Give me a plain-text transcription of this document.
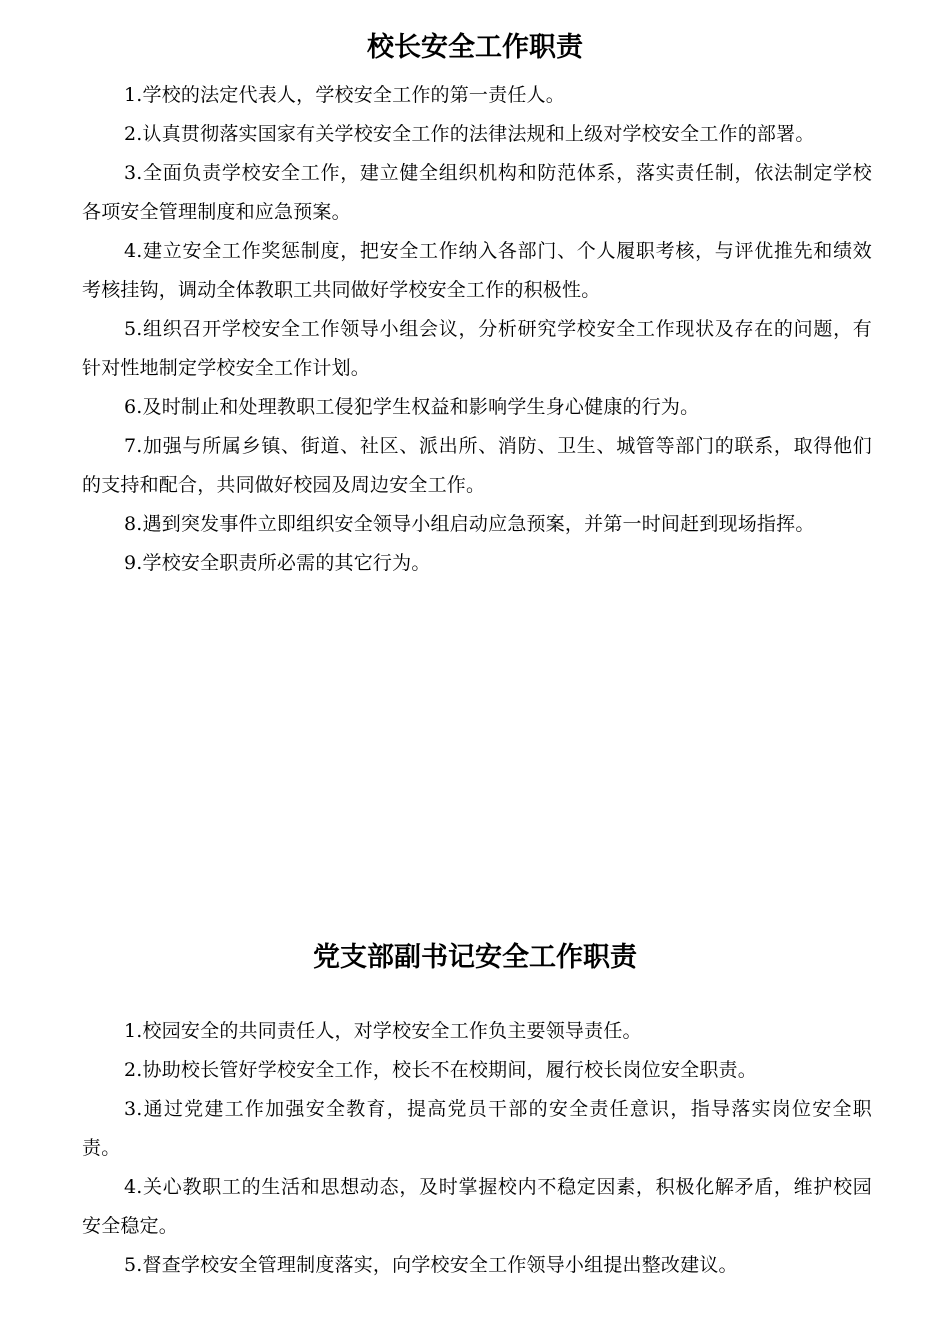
校长安全工作职责

1.学校的法定代表人，学校安全工作的第一责任人。

2.认真贯彻落实国家有关学校安全工作的法律法规和上级对学校安全工作的部署。

3.全面负责学校安全工作，建立健全组织机构和防范体系，落实责任制，依法制定学校各项安全管理制度和应急预案。

4.建立安全工作奖惩制度，把安全工作纳入各部门、个人履职考核，与评优推先和绩效考核挂钩，调动全体教职工共同做好学校安全工作的积极性。

5.组织召开学校安全工作领导小组会议，分析研究学校安全工作现状及存在的问题，有针对性地制定学校安全工作计划。

6.及时制止和处理教职工侵犯学生权益和影响学生身心健康的行为。

7.加强与所属乡镇、街道、社区、派出所、消防、卫生、城管等部门的联系，取得他们的支持和配合，共同做好校园及周边安全工作。

8.遇到突发事件立即组织安全领导小组启动应急预案，并第一时间赶到现场指挥。

9.学校安全职责所必需的其它行为。

党支部副书记安全工作职责

1.校园安全的共同责任人，对学校安全工作负主要领导责任。

2.协助校长管好学校安全工作，校长不在校期间，履行校长岗位安全职责。

3.通过党建工作加强安全教育，提高党员干部的安全责任意识，指导落实岗位安全职责。

4.关心教职工的生活和思想动态，及时掌握校内不稳定因素，积极化解矛盾，维护校园安全稳定。

5.督查学校安全管理制度落实，向学校安全工作领导小组提出整改建议。
